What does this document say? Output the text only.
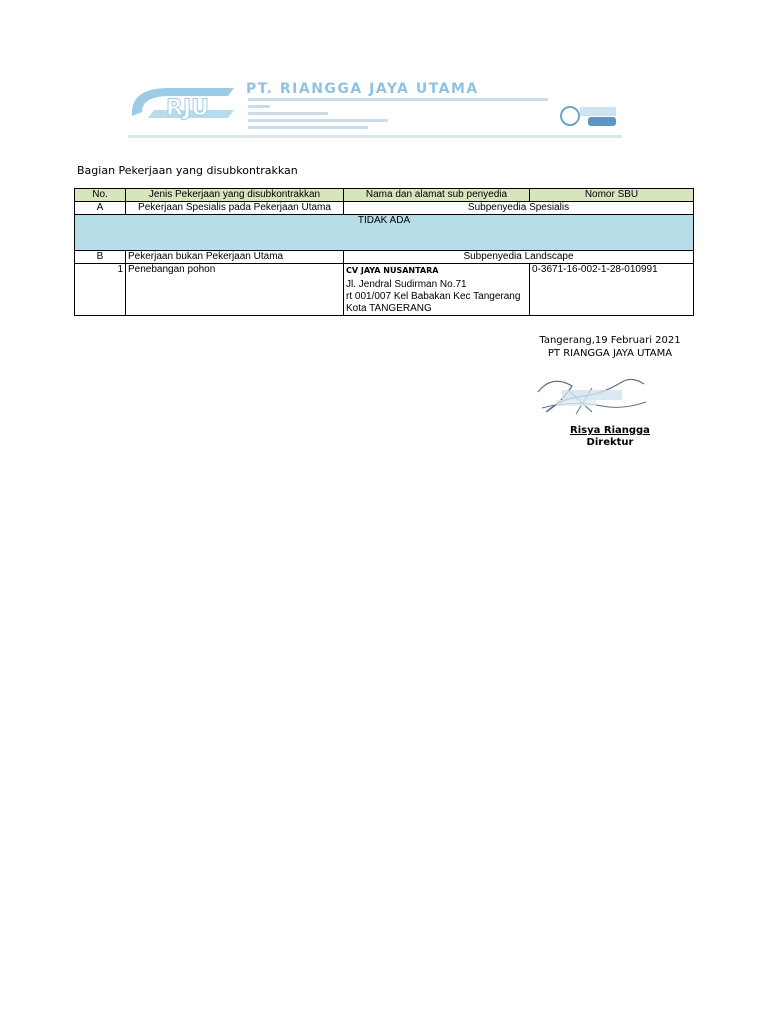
RJU
PT. RIANGGA JAYA UTAMA
Bagian Pekerjaan yang disubkontrakkan
No.	Jenis Pekerjaan yang disubkontrakkan	Nama dan alamat sub penyedia	Nomor SBU
A	Pekerjaan Spesialis pada Pekerjaan Utama	Subpenyedia Spesialis	
TIDAK ADA			
B	Pekerjaan bukan Pekerjaan Utama	Subpenyedia Landscape	
1	Penebangan pohon	CV JAYA NUSANTARA
Jl. Jendral Sudirman No.71
rt 001/007 Kel Babakan Kec Tangerang
Kota TANGERANG	0-3671-16-002-1-28-010991
Tangerang,19 Februari 2021
PT RIANGGA JAYA UTAMA
Risya Riangga
Direktur
